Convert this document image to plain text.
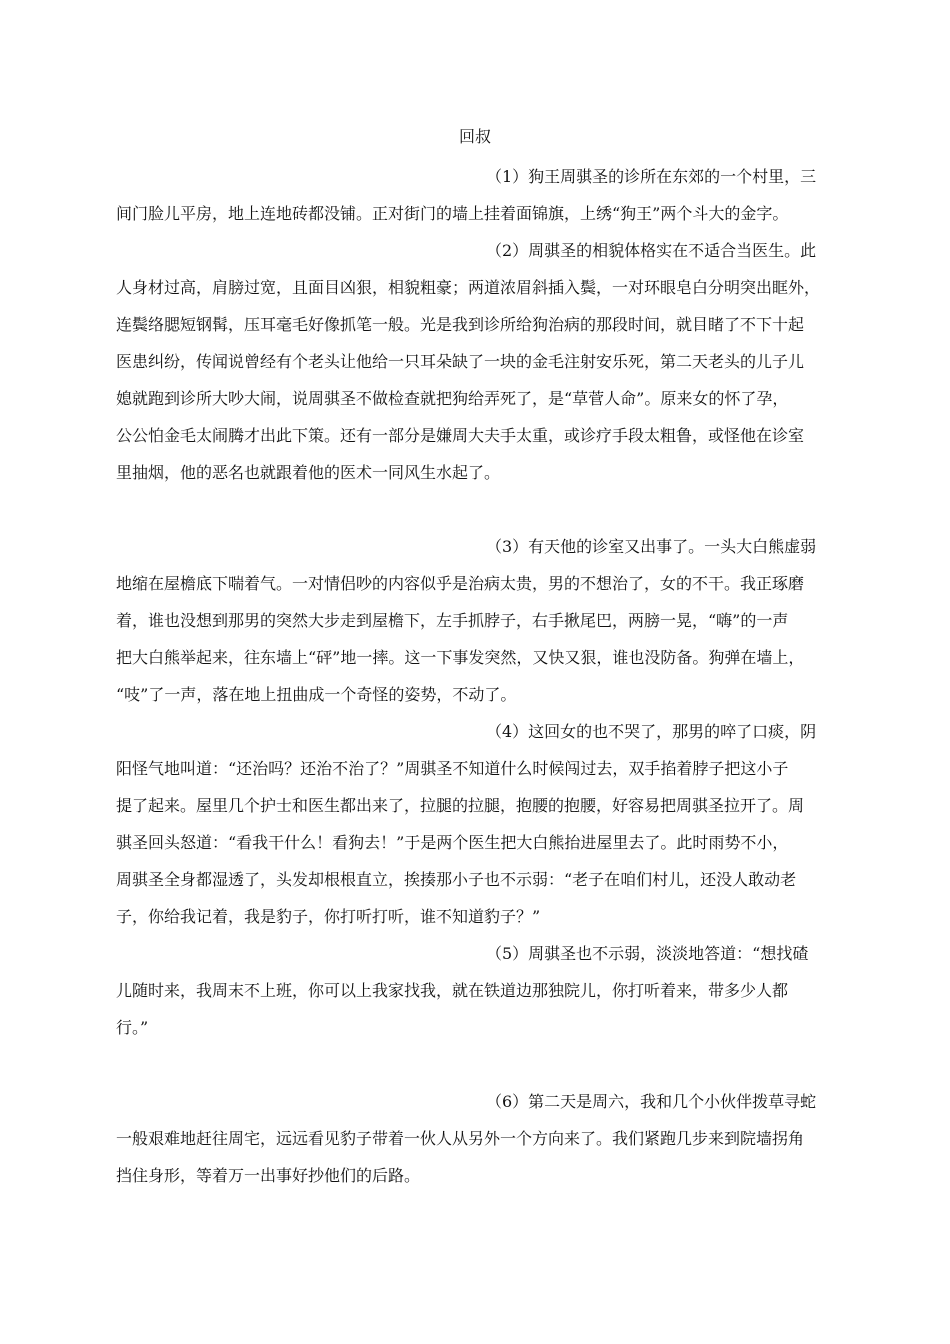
回叔
（1）狗王周骐圣的诊所在东郊的一个村里，三
间门脸儿平房，地上连地砖都没铺。正对街门的墙上挂着面锦旗，上绣“狗王”两个斗大的金字。
（2）周骐圣的相貌体格实在不适合当医生。此
人身材过高，肩膀过宽，且面目凶狠，相貌粗豪；两道浓眉斜插入鬓，一对环眼皂白分明突出眶外，
连鬓络腮短钢髯，压耳毫毛好像抓笔一般。光是我到诊所给狗治病的那段时间，就目睹了不下十起
医患纠纷，传闻说曾经有个老头让他给一只耳朵缺了一块的金毛注射安乐死，第二天老头的儿子儿
媳就跑到诊所大吵大闹，说周骐圣不做检查就把狗给弄死了，是“草菅人命”。原来女的怀了孕，
公公怕金毛太闹腾才出此下策。还有一部分是嫌周大夫手太重，或诊疗手段太粗鲁，或怪他在诊室
里抽烟，他的恶名也就跟着他的医术一同风生水起了。
（3）有天他的诊室又出事了。一头大白熊虚弱
地缩在屋檐底下喘着气。一对情侣吵的内容似乎是治病太贵，男的不想治了，女的不干。我正琢磨
着，谁也没想到那男的突然大步走到屋檐下，左手抓脖子，右手揪尾巴，两膀一晃，“嗨”的一声
把大白熊举起来，往东墙上“砰”地一摔。这一下事发突然，又快又狠，谁也没防备。狗弹在墙上，
“吱”了一声，落在地上扭曲成一个奇怪的姿势，不动了。
（4）这回女的也不哭了，那男的啐了口痰，阴
阳怪气地叫道：“还治吗？还治不治了？”周骐圣不知道什么时候闯过去，双手掐着脖子把这小子
提了起来。屋里几个护士和医生都出来了，拉腿的拉腿，抱腰的抱腰，好容易把周骐圣拉开了。周
骐圣回头怒道：“看我干什么！看狗去！”于是两个医生把大白熊抬进屋里去了。此时雨势不小，
周骐圣全身都湿透了，头发却根根直立，挨揍那小子也不示弱：“老子在咱们村儿，还没人敢动老
子，你给我记着，我是豹子，你打听打听，谁不知道豹子？”
（5）周骐圣也不示弱，淡淡地答道：“想找碴
儿随时来，我周末不上班，你可以上我家找我，就在铁道边那独院儿，你打听着来，带多少人都
行。”
（6）第二天是周六，我和几个小伙伴拨草寻蛇
一般艰难地赶往周宅，远远看见豹子带着一伙人从另外一个方向来了。我们紧跑几步来到院墙拐角
挡住身形，等着万一出事好抄他们的后路。
